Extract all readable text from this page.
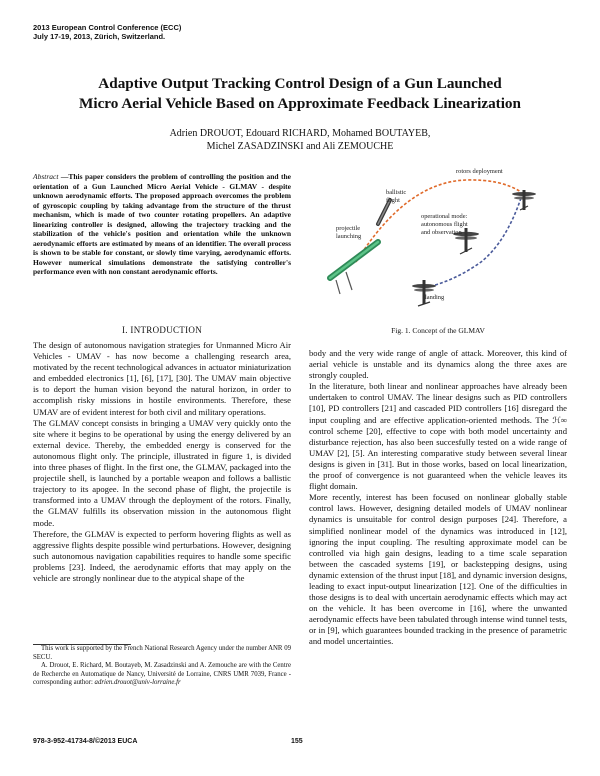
2013 European Control Conference (ECC)
July 17-19, 2013, Zürich, Switzerland.
Adaptive Output Tracking Control Design of a Gun Launched
Micro Aerial Vehicle Based on Approximate Feedback Linearization
Adrien DROUOT, Edouard RICHARD, Mohamed BOUTAYEB,
Michel ZASADZINSKI and Ali ZEMOUCHE
Abstract —This paper considers the problem of controlling the position and the orientation of a Gun Launched Micro Aerial Vehicle - GLMAV - despite unknown aerodynamic efforts. The proposed approach overcomes the problem of gyroscopic coupling by taking advantage from the structure of the thrust mechanism, which is made of two counter rotating propellers. An adaptive linearizing controller is designed, allowing the trajectory tracking and the stabilization of the vehicle's position and orientation while the unknown aerodynamic efforts are estimated by means of an identifier. The overall process is shown to be stable for constant, or slowly time varying, aerodynamic efforts. However numerical simulations demonstrate the satisfying controller's performance even with non constant aerodynamic efforts.
I. INTRODUCTION

The design of autonomous navigation strategies for Unmanned Micro Air Vehicles - UMAV - has now become a challenging research area, motivated by the recent technological advances in actuator miniaturization and embedded electronics [1], [6], [17], [30]. The UMAV main objective is to deport the human vision beyond the natural horizon, in order to accomplish risky missions in hostile environments. Therefore, these UMAV are of evident interest for both civil and military operations.

The GLMAV concept consists in bringing a UMAV very quickly onto the site where it begins to be operational by using the energy delivered by an external device. Thereby, the embedded energy is conserved for the autonomous flight only. The principle, illustrated in figure 1, is divided into three phases of flight. In the first one, the GLMAV, packaged into the projectile shell, is launched by a portable weapon and follows a ballistic trajectory to its apogee. In the second phase of flight, the projectile is transformed into a UMAV through the deployment of the rotors. Finally, the GLMAV fulfills its observation mission in the autonomous flight mode.

Therefore, the GLMAV is expected to perform hovering flights as well as aggressive flights despite possible wind perturbations. However, designing such autonomous navigation capabilities requires to handle some specific problems [23]. Indeed, the aerodynamic efforts that may apply on the vehicle are strongly nonlinear due to the atypical shape of the

This work is supported by the French National Research Agency under the number ANR 09 SECU.

A. Drouot, E. Richard, M. Boutayeb, M. Zasadzinski and A. Zemouche are with the Centre de Recherche en Automatique de Nancy, Université de Lorraine, CNRS UMR 7039, France - corresponding author: adrien.drouot@univ-lorraine.fr

rotors deployment
ballistic
flight
projectile
launching
operational mode:
autonomous flight
and observation
landing
Fig. 1. Concept of the GLMAV

body and the very wide range of angle of attack. Moreover, this kind of aerial vehicle is unstable and its dynamics along the three axes are strongly coupled.

In the literature, both linear and nonlinear approaches have already been undertaken to control UMAV. The linear designs such as PID controllers [10], PD controllers [21] and cascaded PID controllers [16] disregard the input coupling and are effective application-oriented methods. The ℋ∞ control scheme [20], effective to cope with both model uncertainty and disturbance rejection, has also been succesfully tested on a wide range of UMAV [2], [5]. An interesting comparative study between several linear designs is given in [31]. But in those works, based on local linearization, the proof of convergence is not guaranteed when the vehicle leaves its flight domain.

More recently, interest has been focused on nonlinear globally stable control laws. However, designing detailed models of UMAV nonlinear dynamics is unsuitable for control design purposes [24]. Therefore, a simplified nonlinear model of the dynamics was introduced in [12], ignoring the input coupling. The resulting approximate model can be controlled via high gain designs, leading to a time scale separation between the cascaded systems [19], or backstepping designs, using dynamic extension of the thrust input [18], and dynamic inversion designs, leading to exact input-output linearization [12]. One of the difficulties in those designs is to deal with uncertain aerodynamic effects which may act on the vehicle. It has been overcome in [16], where the unwanted aerodynamic effects have been tabulated through intense wind tunnel tests, or in [9], which guarantees bounded tracking in the presence of parametric and model uncertainties.

978-3-952-41734-8/©2013 EUCA	155
